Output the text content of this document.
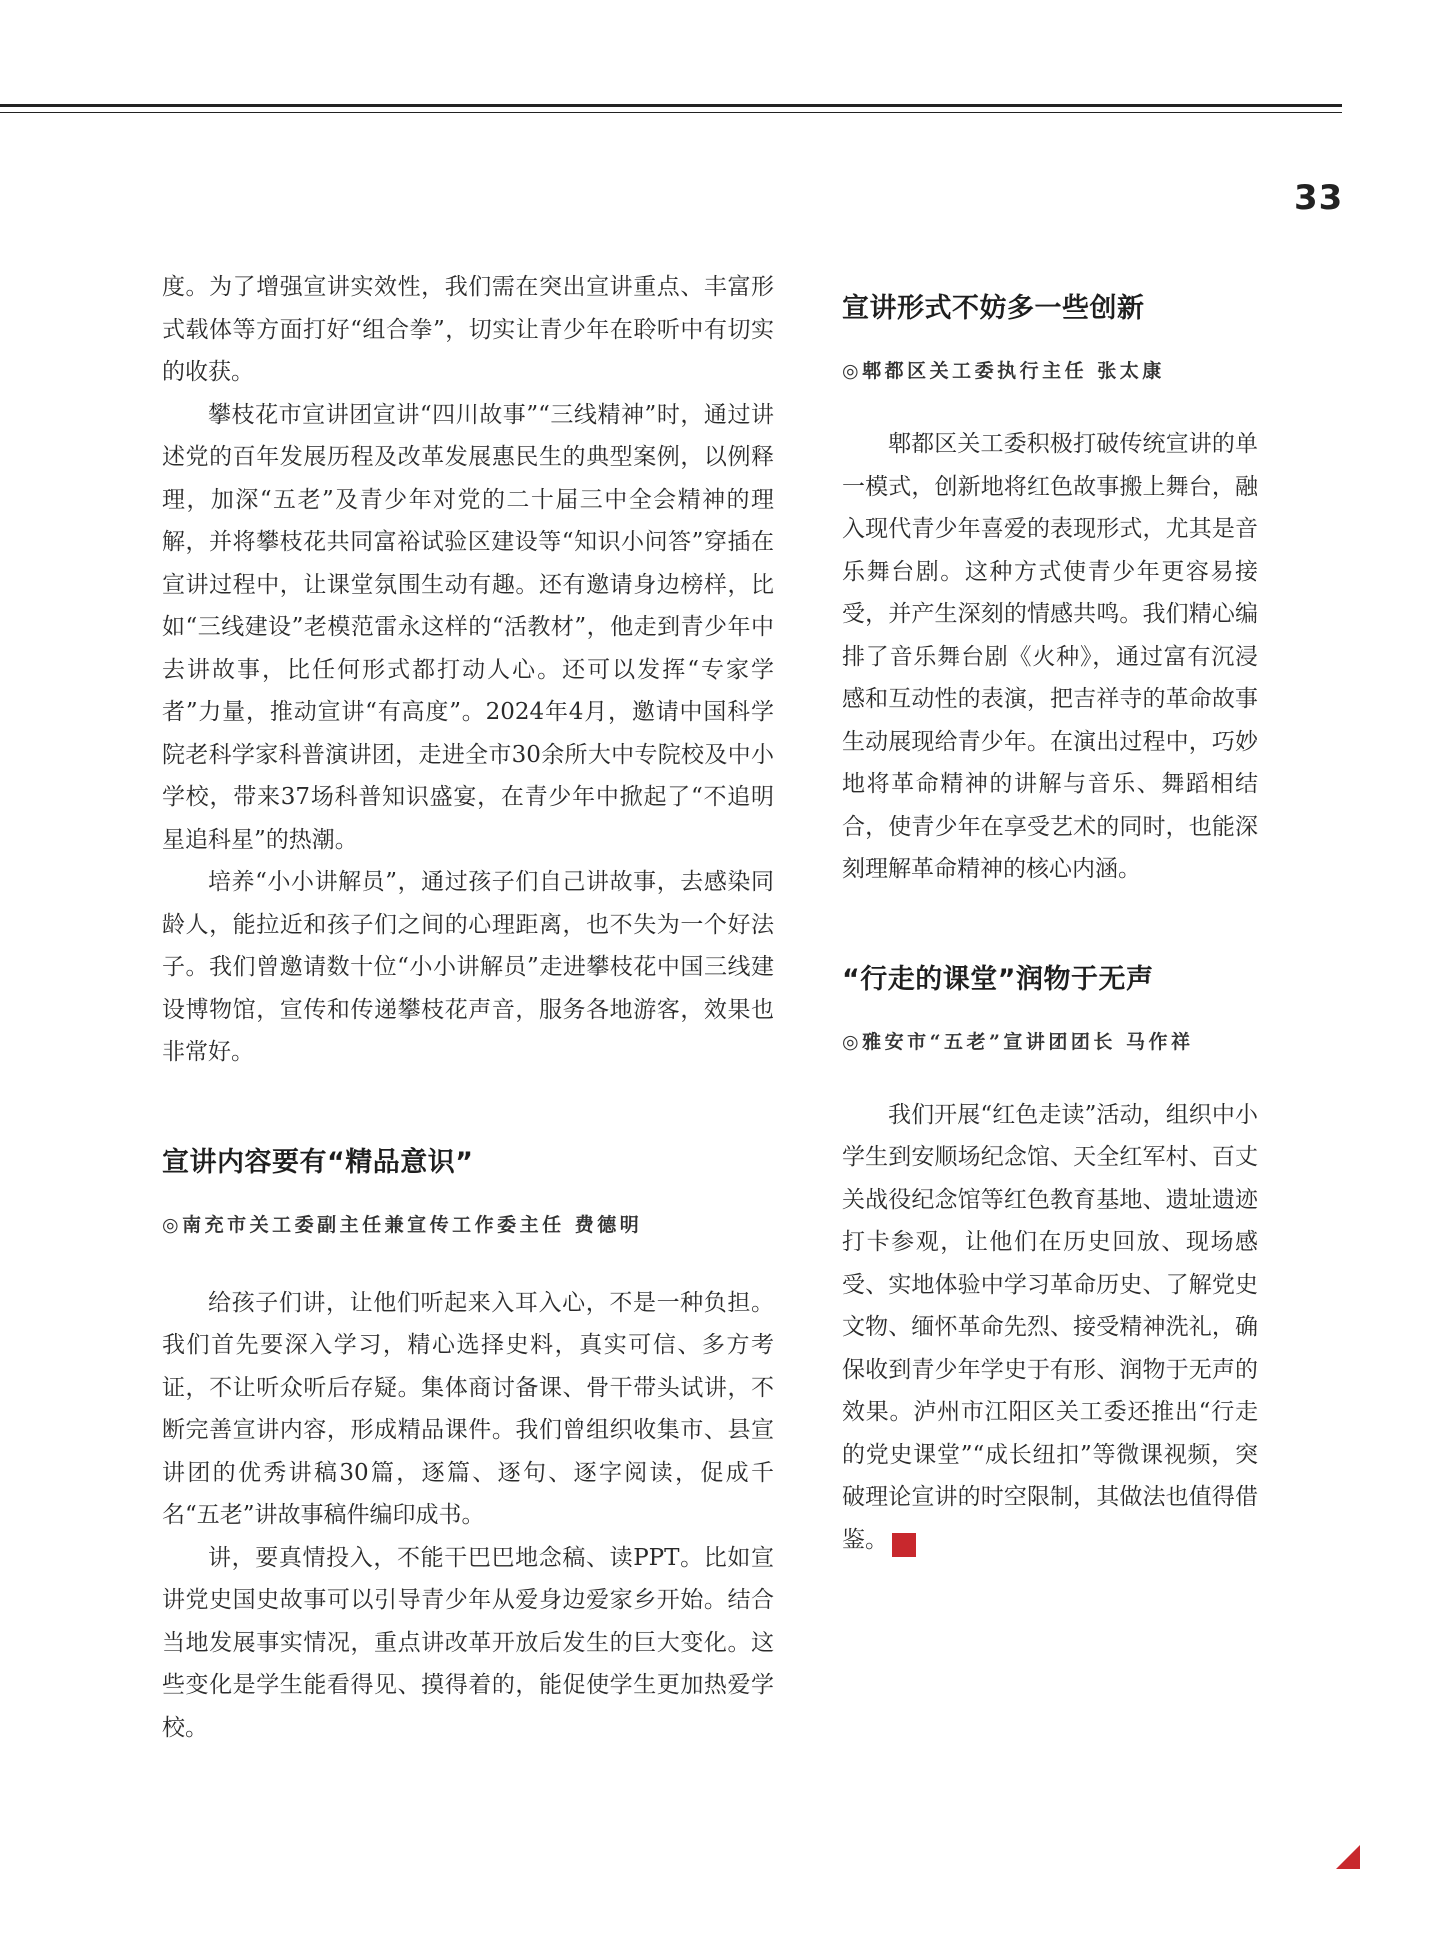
33

度。为了增强宣讲实效性，我们需在突出宣讲重点、丰富形式载体等方面打好“组合拳”，切实让青少年在聆听中有切实的收获。

攀枝花市宣讲团宣讲“四川故事”“三线精神”时，通过讲述党的百年发展历程及改革发展惠民生的典型案例，以例释理，加深“五老”及青少年对党的二十届三中全会精神的理解，并将攀枝花共同富裕试验区建设等“知识小问答”穿插在宣讲过程中，让课堂氛围生动有趣。还有邀请身边榜样，比如“三线建设”老模范雷永这样的“活教材”，他走到青少年中去讲故事，比任何形式都打动人心。还可以发挥“专家学者”力量，推动宣讲“有高度”。2024年4月，邀请中国科学院老科学家科普演讲团，走进全市30余所大中专院校及中小学校，带来37场科普知识盛宴，在青少年中掀起了“不追明星追科星”的热潮。

培养“小小讲解员”，通过孩子们自己讲故事，去感染同龄人，能拉近和孩子们之间的心理距离，也不失为一个好法子。我们曾邀请数十位“小小讲解员”走进攀枝花中国三线建设博物馆，宣传和传递攀枝花声音，服务各地游客，效果也非常好。

宣讲内容要有“精品意识”
◎南充市关工委副主任兼宣传工作委主任 费德明

给孩子们讲，让他们听起来入耳入心，不是一种负担。我们首先要深入学习，精心选择史料，真实可信、多方考证，不让听众听后存疑。集体商讨备课、骨干带头试讲，不断完善宣讲内容，形成精品课件。我们曾组织收集市、县宣讲团的优秀讲稿30篇，逐篇、逐句、逐字阅读，促成千名“五老”讲故事稿件编印成书。

讲，要真情投入，不能干巴巴地念稿、读PPT。比如宣讲党史国史故事可以引导青少年从爱身边爱家乡开始。结合当地发展事实情况，重点讲改革开放后发生的巨大变化。这些变化是学生能看得见、摸得着的，能促使学生更加热爱学校。

宣讲形式不妨多一些创新
◎郫都区关工委执行主任 张太康

郫都区关工委积极打破传统宣讲的单一模式，创新地将红色故事搬上舞台，融入现代青少年喜爱的表现形式，尤其是音乐舞台剧。这种方式使青少年更容易接受，并产生深刻的情感共鸣。我们精心编排了音乐舞台剧《火种》，通过富有沉浸感和互动性的表演，把吉祥寺的革命故事生动展现给青少年。在演出过程中，巧妙地将革命精神的讲解与音乐、舞蹈相结合，使青少年在享受艺术的同时，也能深刻理解革命精神的核心内涵。

“行走的课堂”润物于无声
◎雅安市“五老”宣讲团团长 马作祥

我们开展“红色走读”活动，组织中小学生到安顺场纪念馆、天全红军村、百丈关战役纪念馆等红色教育基地、遗址遗迹打卡参观，让他们在历史回放、现场感受、实地体验中学习革命历史、了解党史文物、缅怀革命先烈、接受精神洗礼，确保收到青少年学史于有形、润物于无声的效果。泸州市江阳区关工委还推出“行走的党史课堂”“成长纽扣”等微课视频，突破理论宣讲的时空限制，其做法也值得借鉴。	关
